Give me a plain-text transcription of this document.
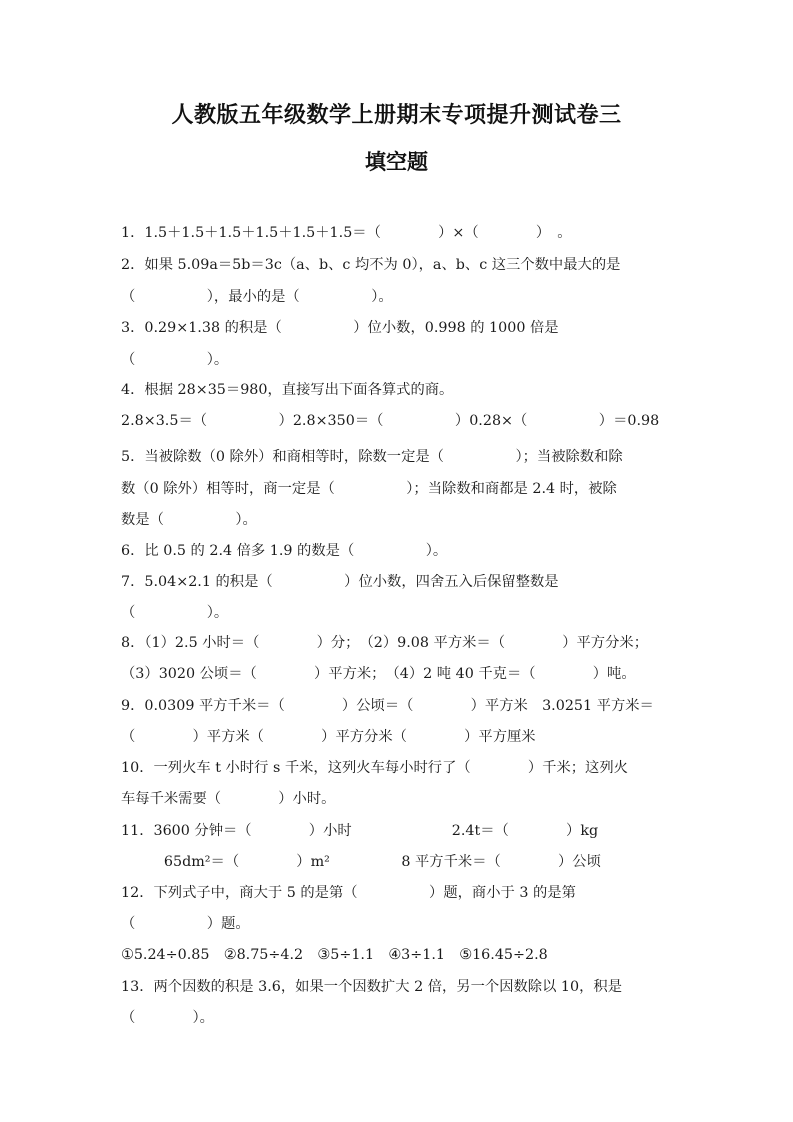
人教版五年级数学上册期末专项提升测试卷三
填空题
1．1.5＋1.5＋1.5＋1.5＋1.5＋1.5＝（　　　　）×（　　　　）　。
2．如果 5.09a＝5b＝3c（a、b、c 均不为 0），a、b、c 这三个数中最大的是
（　　　　　），最小的是（　　　　　）。
3．0.29×1.38 的积是（　　　　　）位小数，0.998 的 1000 倍是
（　　　　　）。
4．根据 28×35＝980，直接写出下面各算式的商。
2.8×3.5＝（　　　　　）2.8×350＝（　　　　　）0.28×（　　　　　）＝0.98
5．当被除数（0 除外）和商相等时，除数一定是（　　　　　）；当被除数和除
数（0 除外）相等时，商一定是（　　　　　）；当除数和商都是 2.4 时，被除
数是（　　　　　）。
6．比 0.5 的 2.4 倍多 1.9 的数是（　　　　　）。
7．5.04×2.1 的积是（　　　　　）位小数，四舍五入后保留整数是
（　　　　　）。
8．（1）2.5 小时＝（　　　　）分；　（2）9.08 平方米＝（　　　　）平方分米；
（3）3020 公顷＝（　　　　）平方米；　（4）2 吨 40 千克＝（　　　　）吨。
9．0.0309 平方千米＝（　　　　）公顷＝（　　　　）平方米　3.0251 平方米＝
（　　　　）平方米（　　　　）平方分米（　　　　）平方厘米
10．一列火车 t 小时行 s 千米，这列火车每小时行了（　　　　）千米；这列火
车每千米需要（　　　　）小时。
11．3600 分钟＝（　　　　）小时　　　　　　　2.4t＝（　　　　）kg
　　　65dm²＝（　　　　）m²　　　　　8 平方千米＝（　　　　）公顷
12．下列式子中，商大于 5 的是第（　　　　　）题，商小于 3 的是第
（　　　　　）题。
①5.24÷0.85　②8.75÷4.2　③5÷1.1　④3÷1.1　⑤16.45÷2.8
13．两个因数的积是 3.6，如果一个因数扩大 2 倍，另一个因数除以 10，积是
（　　　　）。
